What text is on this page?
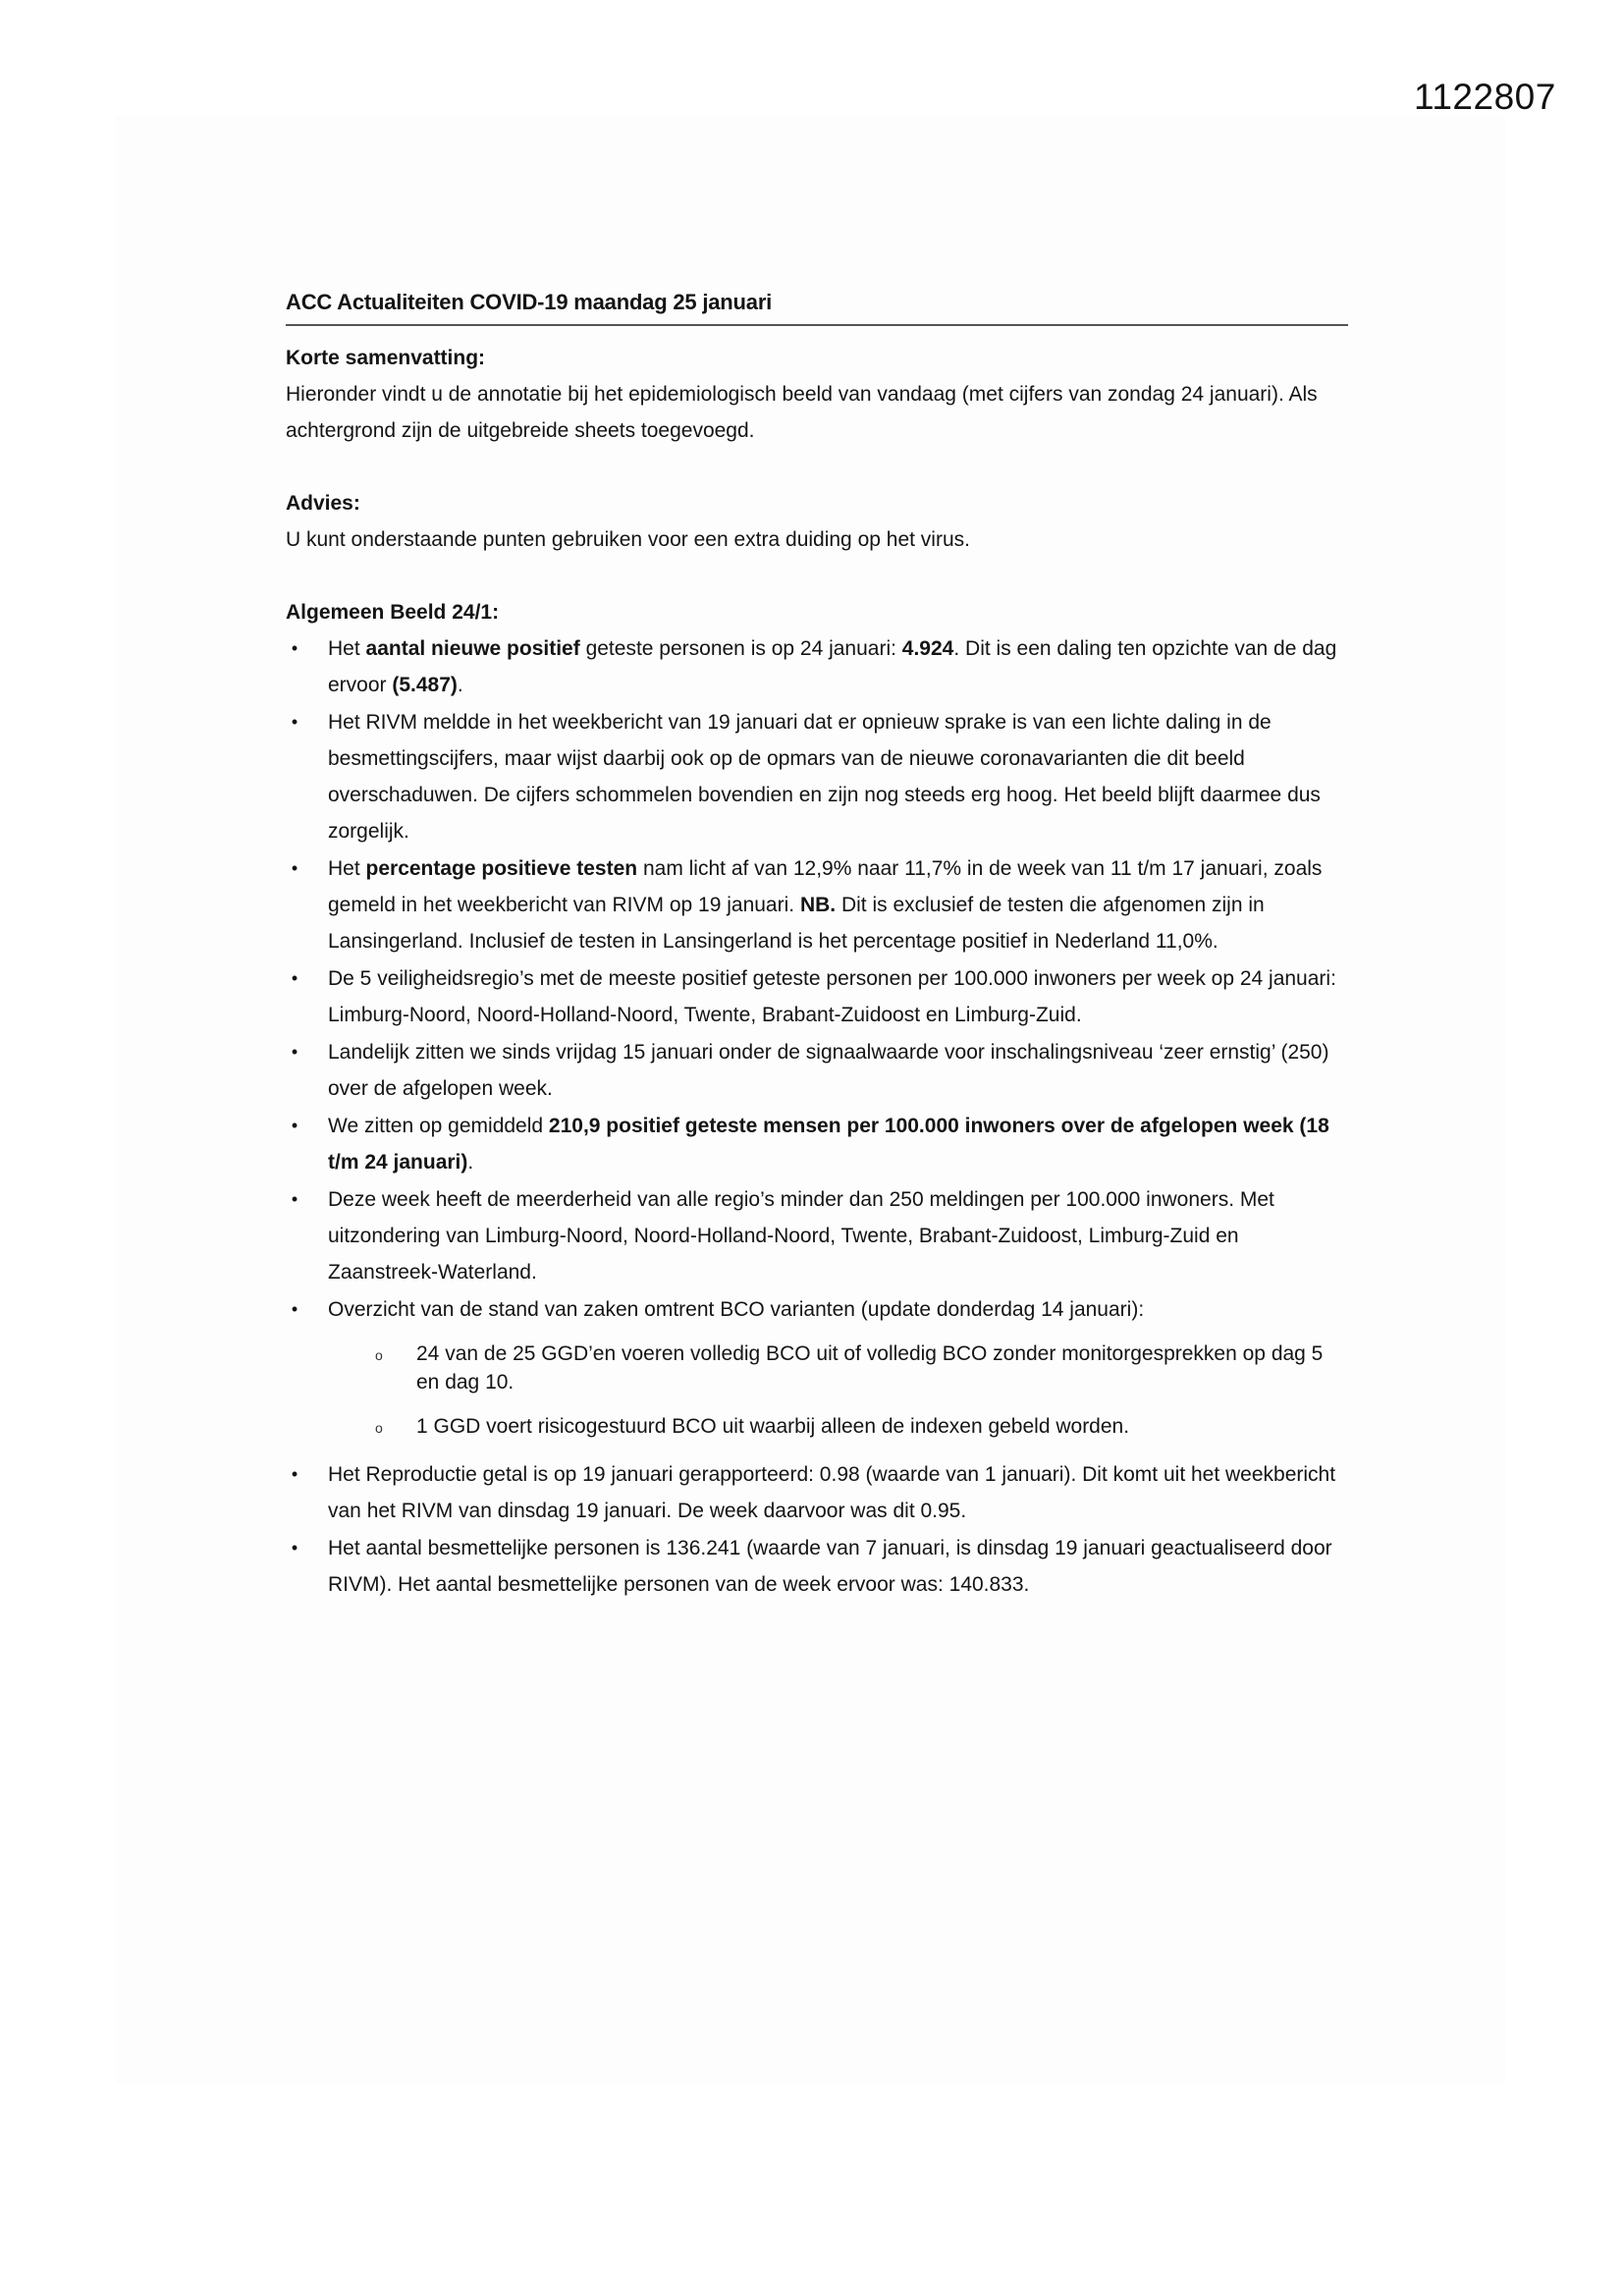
1122807
ACC Actualiteiten COVID-19 maandag 25 januari

Korte samenvatting:

Hieronder vindt u de annotatie bij het epidemiologisch beeld van vandaag (met cijfers van zondag 24 januari). Als achtergrond zijn de uitgebreide sheets toegevoegd.

Advies:

U kunt onderstaande punten gebruiken voor een extra duiding op het virus.

Algemeen Beeld 24/1:

• Het aantal nieuwe positief geteste personen is op 24 januari: 4.924. Dit is een daling ten opzichte van de dag ervoor (5.487).
• Het RIVM meldde in het weekbericht van 19 januari dat er opnieuw sprake is van een lichte daling in de besmettingscijfers, maar wijst daarbij ook op de opmars van de nieuwe coronavarianten die dit beeld overschaduwen. De cijfers schommelen bovendien en zijn nog steeds erg hoog. Het beeld blijft daarmee dus zorgelijk.
• Het percentage positieve testen nam licht af van 12,9% naar 11,7% in de week van 11 t/m 17 januari, zoals gemeld in het weekbericht van RIVM op 19 januari. NB. Dit is exclusief de testen die afgenomen zijn in Lansingerland. Inclusief de testen in Lansingerland is het percentage positief in Nederland 11,0%.
• De 5 veiligheidsregio’s met de meeste positief geteste personen per 100.000 inwoners per week op 24 januari: Limburg-Noord, Noord-Holland-Noord, Twente, Brabant-Zuidoost en Limburg-Zuid.
• Landelijk zitten we sinds vrijdag 15 januari onder de signaalwaarde voor inschalingsniveau ‘zeer ernstig’ (250) over de afgelopen week.
• We zitten op gemiddeld 210,9 positief geteste mensen per 100.000 inwoners over de afgelopen week (18 t/m 24 januari).
• Deze week heeft de meerderheid van alle regio’s minder dan 250 meldingen per 100.000 inwoners. Met uitzondering van Limburg-Noord, Noord-Holland-Noord, Twente, Brabant-Zuidoost, Limburg-Zuid en Zaanstreek-Waterland.
• Overzicht van de stand van zaken omtrent BCO varianten (update donderdag 14 januari):
o 24 van de 25 GGD’en voeren volledig BCO uit of volledig BCO zonder monitorgesprekken op dag 5 en dag 10.
o 1 GGD voert risicogestuurd BCO uit waarbij alleen de indexen gebeld worden.
• Het Reproductie getal is op 19 januari gerapporteerd: 0.98 (waarde van 1 januari). Dit komt uit het weekbericht van het RIVM van dinsdag 19 januari. De week daarvoor was dit 0.95.
• Het aantal besmettelijke personen is 136.241 (waarde van 7 januari, is dinsdag 19 januari geactualiseerd door RIVM). Het aantal besmettelijke personen van de week ervoor was: 140.833.
